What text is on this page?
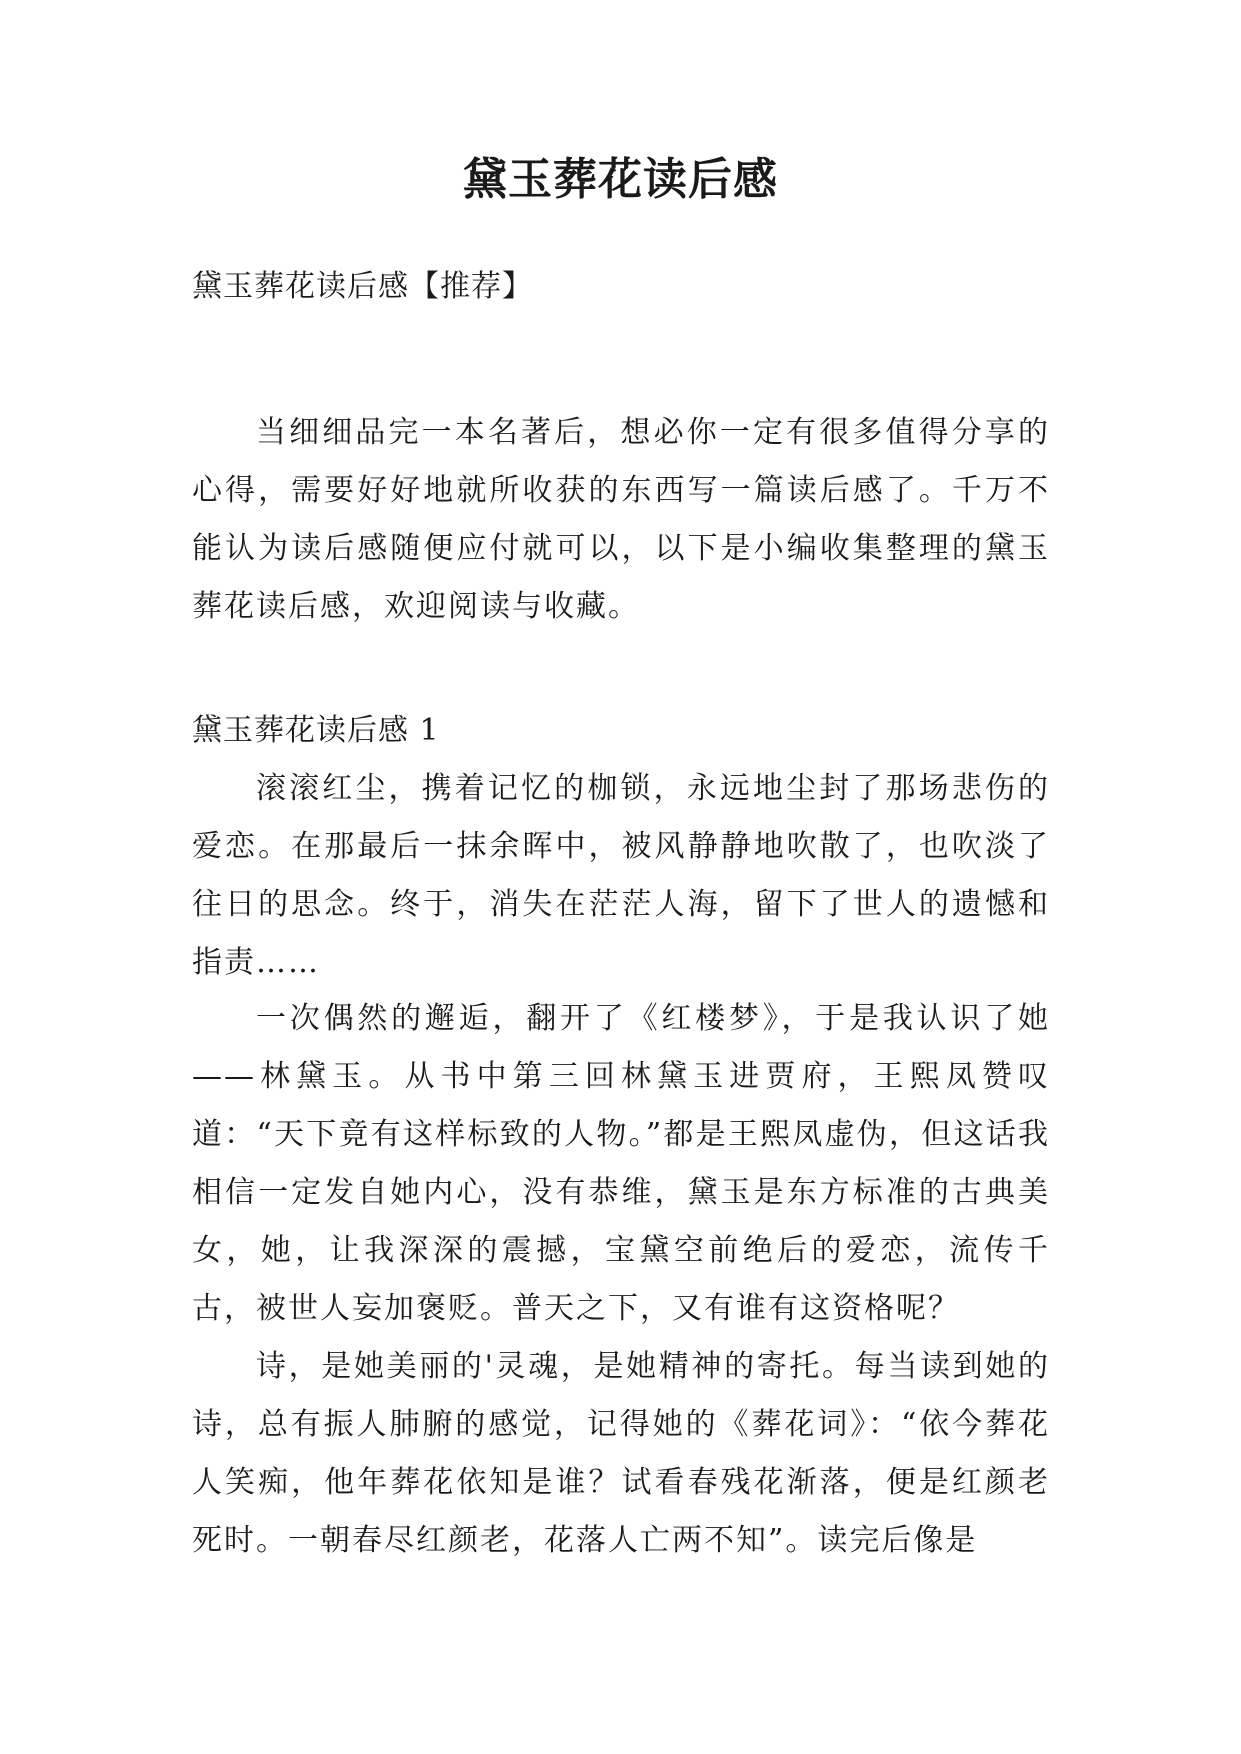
黛玉葬花读后感

黛玉葬花读后感【推荐】

当细细品完一本名著后，想必你一定有很多值得分享的心得，需要好好地就所收获的东西写一篇读后感了。千万不能认为读后感随便应付就可以，以下是小编收集整理的黛玉葬花读后感，欢迎阅读与收藏。

黛玉葬花读后感 1

滚滚红尘，携着记忆的枷锁，永远地尘封了那场悲伤的爱恋。在那最后一抹余晖中，被风静静地吹散了，也吹淡了往日的思念。终于，消失在茫茫人海，留下了世人的遗憾和指责……

一次偶然的邂逅，翻开了《红楼梦》，于是我认识了她——林黛玉。从书中第三回林黛玉进贾府，王熙凤赞叹道：“天下竟有这样标致的人物。”都是王熙凤虚伪，但这话我相信一定发自她内心，没有恭维，黛玉是东方标准的古典美女，她，让我深深的震撼，宝黛空前绝后的爱恋，流传千古，被世人妄加褒贬。普天之下，又有谁有这资格呢？

诗，是她美丽的'灵魂，是她精神的寄托。每当读到她的诗，总有振人肺腑的感觉，记得她的《葬花词》：“依今葬花人笑痴，他年葬花依知是谁？试看春残花渐落，便是红颜老死时。一朝春尽红颜老，花落人亡两不知”。读完后像是
